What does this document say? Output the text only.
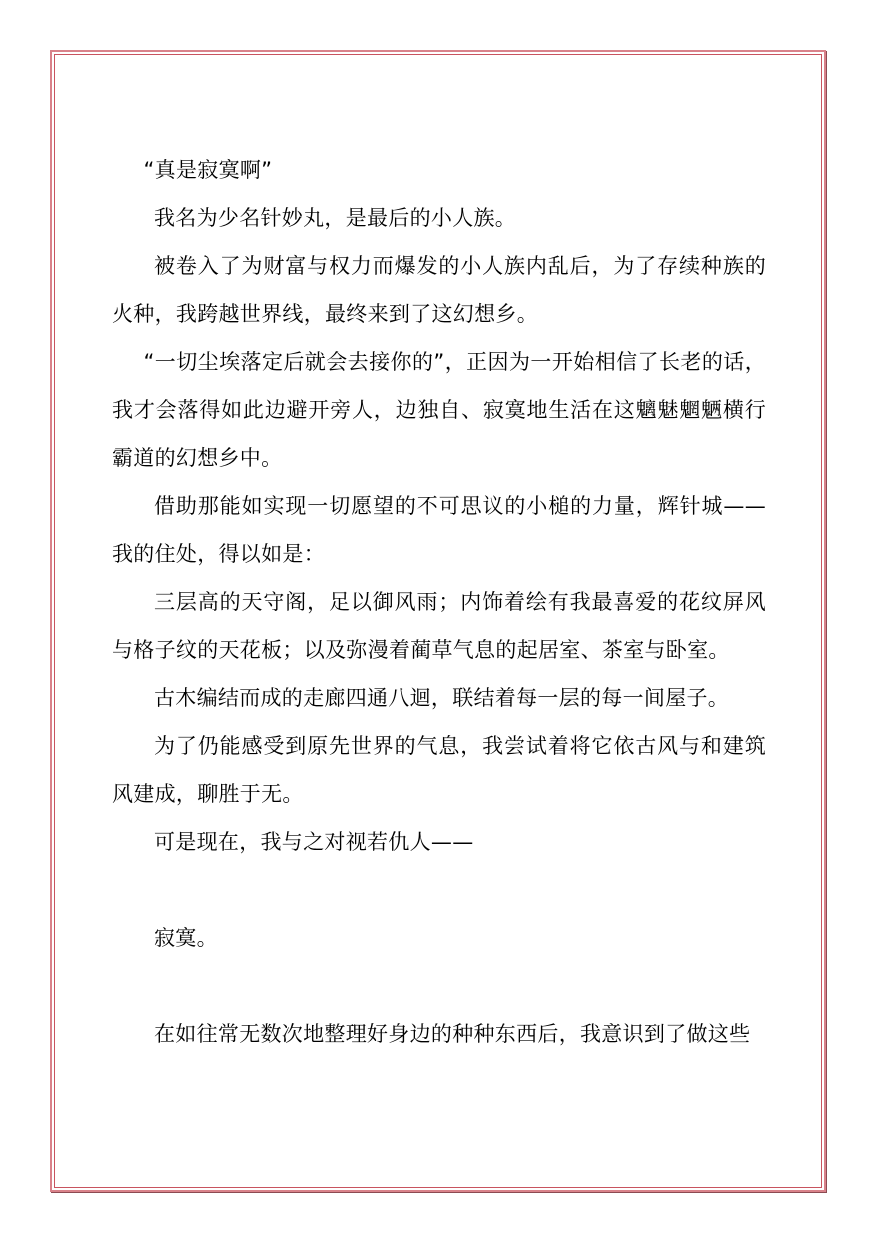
“真是寂寞啊”

我名为少名针妙丸，是最后的小人族。

被卷入了为财富与权力而爆发的小人族内乱后，为了存续种族的火种，我跨越世界线，最终来到了这幻想乡。

“一切尘埃落定后就会去接你的”，正因为一开始相信了长老的话，我才会落得如此边避开旁人，边独自、寂寞地生活在这魑魅魍魉横行霸道的幻想乡中。

借助那能如实现一切愿望的不可思议的小槌的力量，辉针城——我的住处，得以如是：

三层高的天守阁，足以御风雨；内饰着绘有我最喜爱的花纹屏风与格子纹的天花板；以及弥漫着蔺草气息的起居室、茶室与卧室。

古木编结而成的走廊四通八迴，联结着每一层的每一间屋子。

为了仍能感受到原先世界的气息，我尝试着将它依古风与和建筑风建成，聊胜于无。

可是现在，我与之对视若仇人——

寂寞。

在如往常无数次地整理好身边的种种东西后，我意识到了做这些
